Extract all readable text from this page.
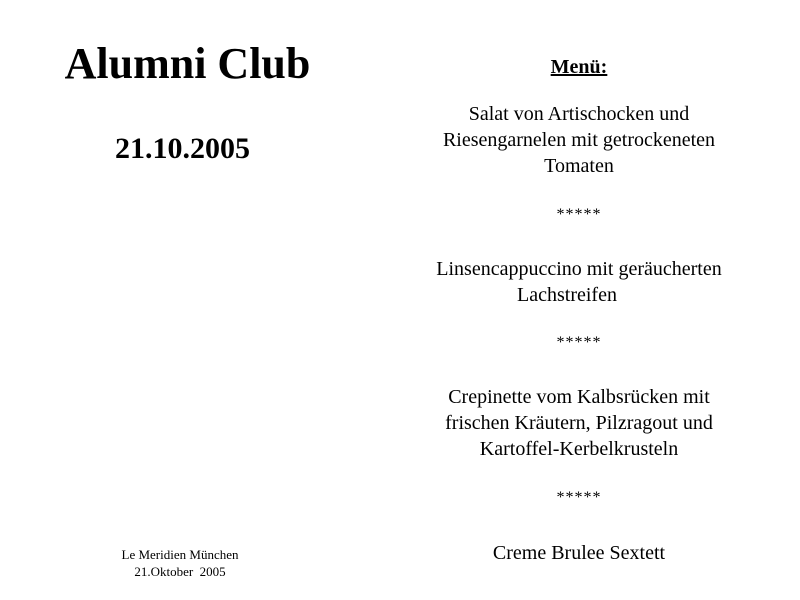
Alumni Club
21.10.2005
Le Meridien München
21.Oktober  2005
Menü:
Salat von Artischocken und
Riesengarnelen mit getrockeneten
Tomaten
*****
Linsencappuccino mit geräucherten
Lachstreifen
*****
Crepinette vom Kalbsrücken mit
frischen Kräutern, Pilzragout und
Kartoffel-Kerbelkrusteln
*****
Creme Brulee Sextett
